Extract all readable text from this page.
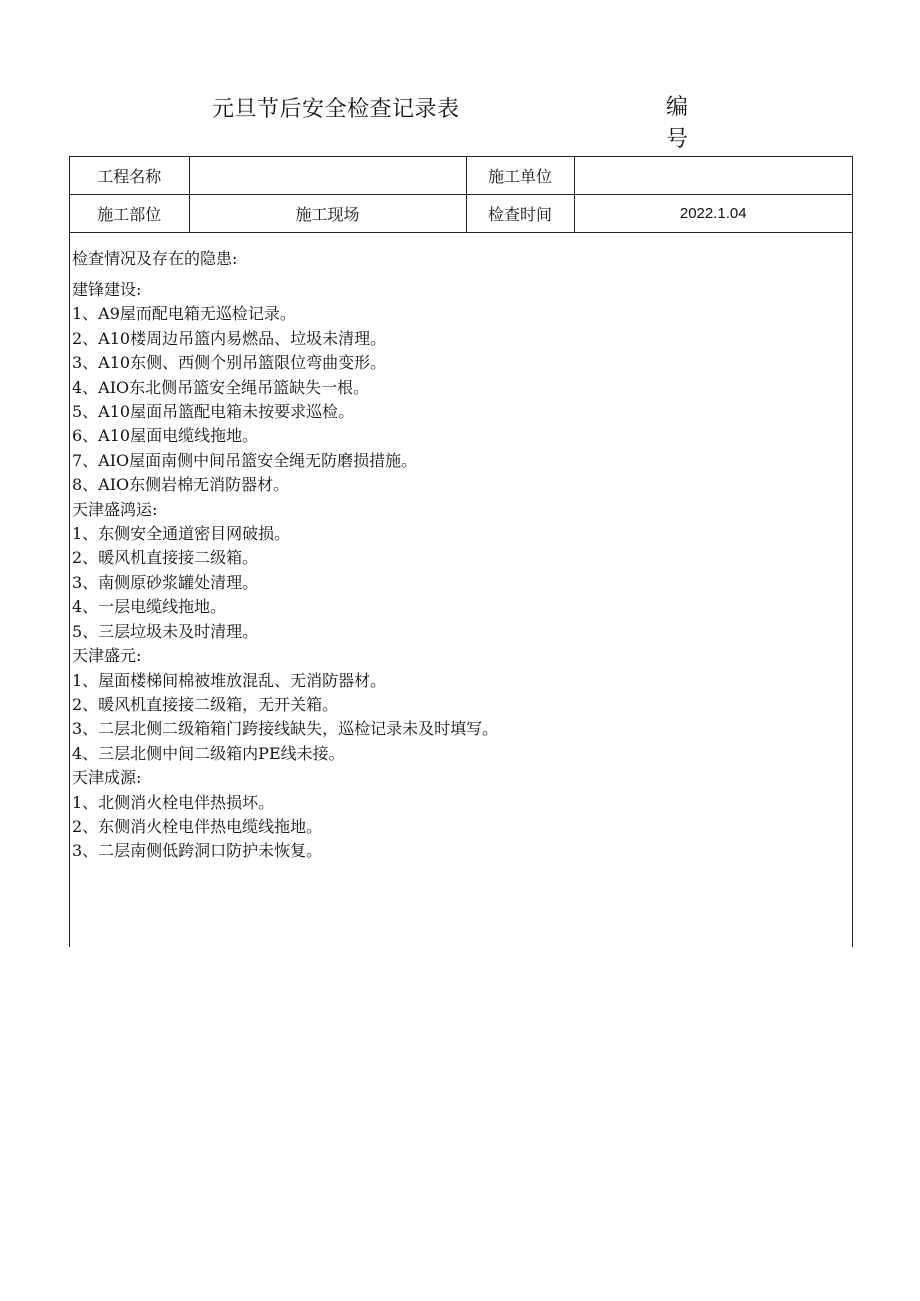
元旦节后安全检查记录表	编号
工程名称		施工单位	
施工部位	施工现场	检查时间	2022.1.04
检查情况及存在的隐患:
建锋建设:
1、A9屋而配电箱无巡检记录。
2、A10楼周边吊篮内易燃品、垃圾未清理。
3、A10东侧、西侧个别吊篮限位弯曲变形。
4、AIO东北侧吊篮安全绳吊篮缺失一根。
5、A10屋面吊篮配电箱未按要求巡检。
6、A10屋面电缆线拖地。
7、AIO屋面南侧中间吊篮安全绳无防磨损措施。
8、AIO东侧岩棉无消防器材。
天津盛鸿运:
1、东侧安全通道密目网破损。
2、暖风机直接接二级箱。
3、南侧原砂浆罐处清理。
4、一层电缆线拖地。
5、三层垃圾未及时清理。
天津盛元:
1、屋面楼梯间棉被堆放混乱、无消防器材。
2、暖风机直接接二级箱，无开关箱。
3、二层北侧二级箱箱门跨接线缺失，巡检记录未及时填写。
4、三层北侧中间二级箱内PE线未接。
天津成源:
1、北侧消火栓电伴热损坏。
2、东侧消火栓电伴热电缆线拖地。
3、二层南侧低跨洞口防护未恢复。
